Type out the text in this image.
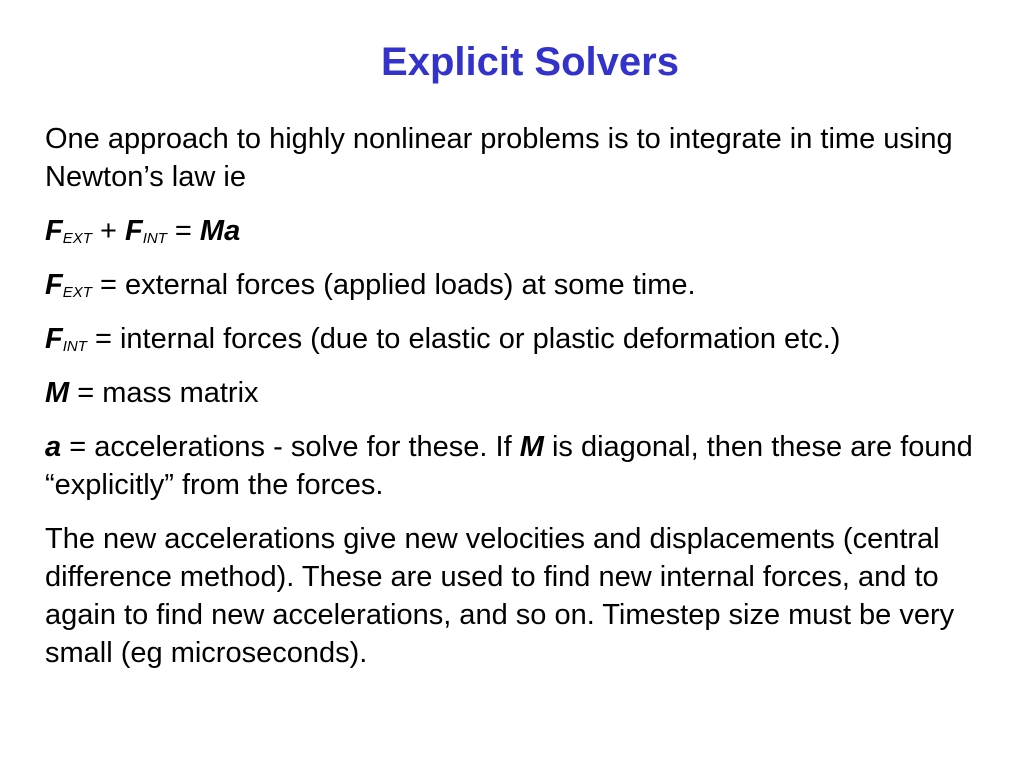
Explicit Solvers

One approach to highly nonlinear problems is to integrate in time using Newton’s law ie

$F_{EXT} + F_{INT} = Ma$

$F_{EXT}$ = external forces (applied loads) at some time.

$F_{INT}$ = internal forces (due to elastic or plastic deformation etc.)

M = mass matrix

a = accelerations - solve for these. If M is diagonal, then these are found “explicitly” from the forces.

The new accelerations give new velocities and displacements (central difference method). These are used to find new internal forces, and to again to find new accelerations, and so on. Timestep size must be very small (eg microseconds).
